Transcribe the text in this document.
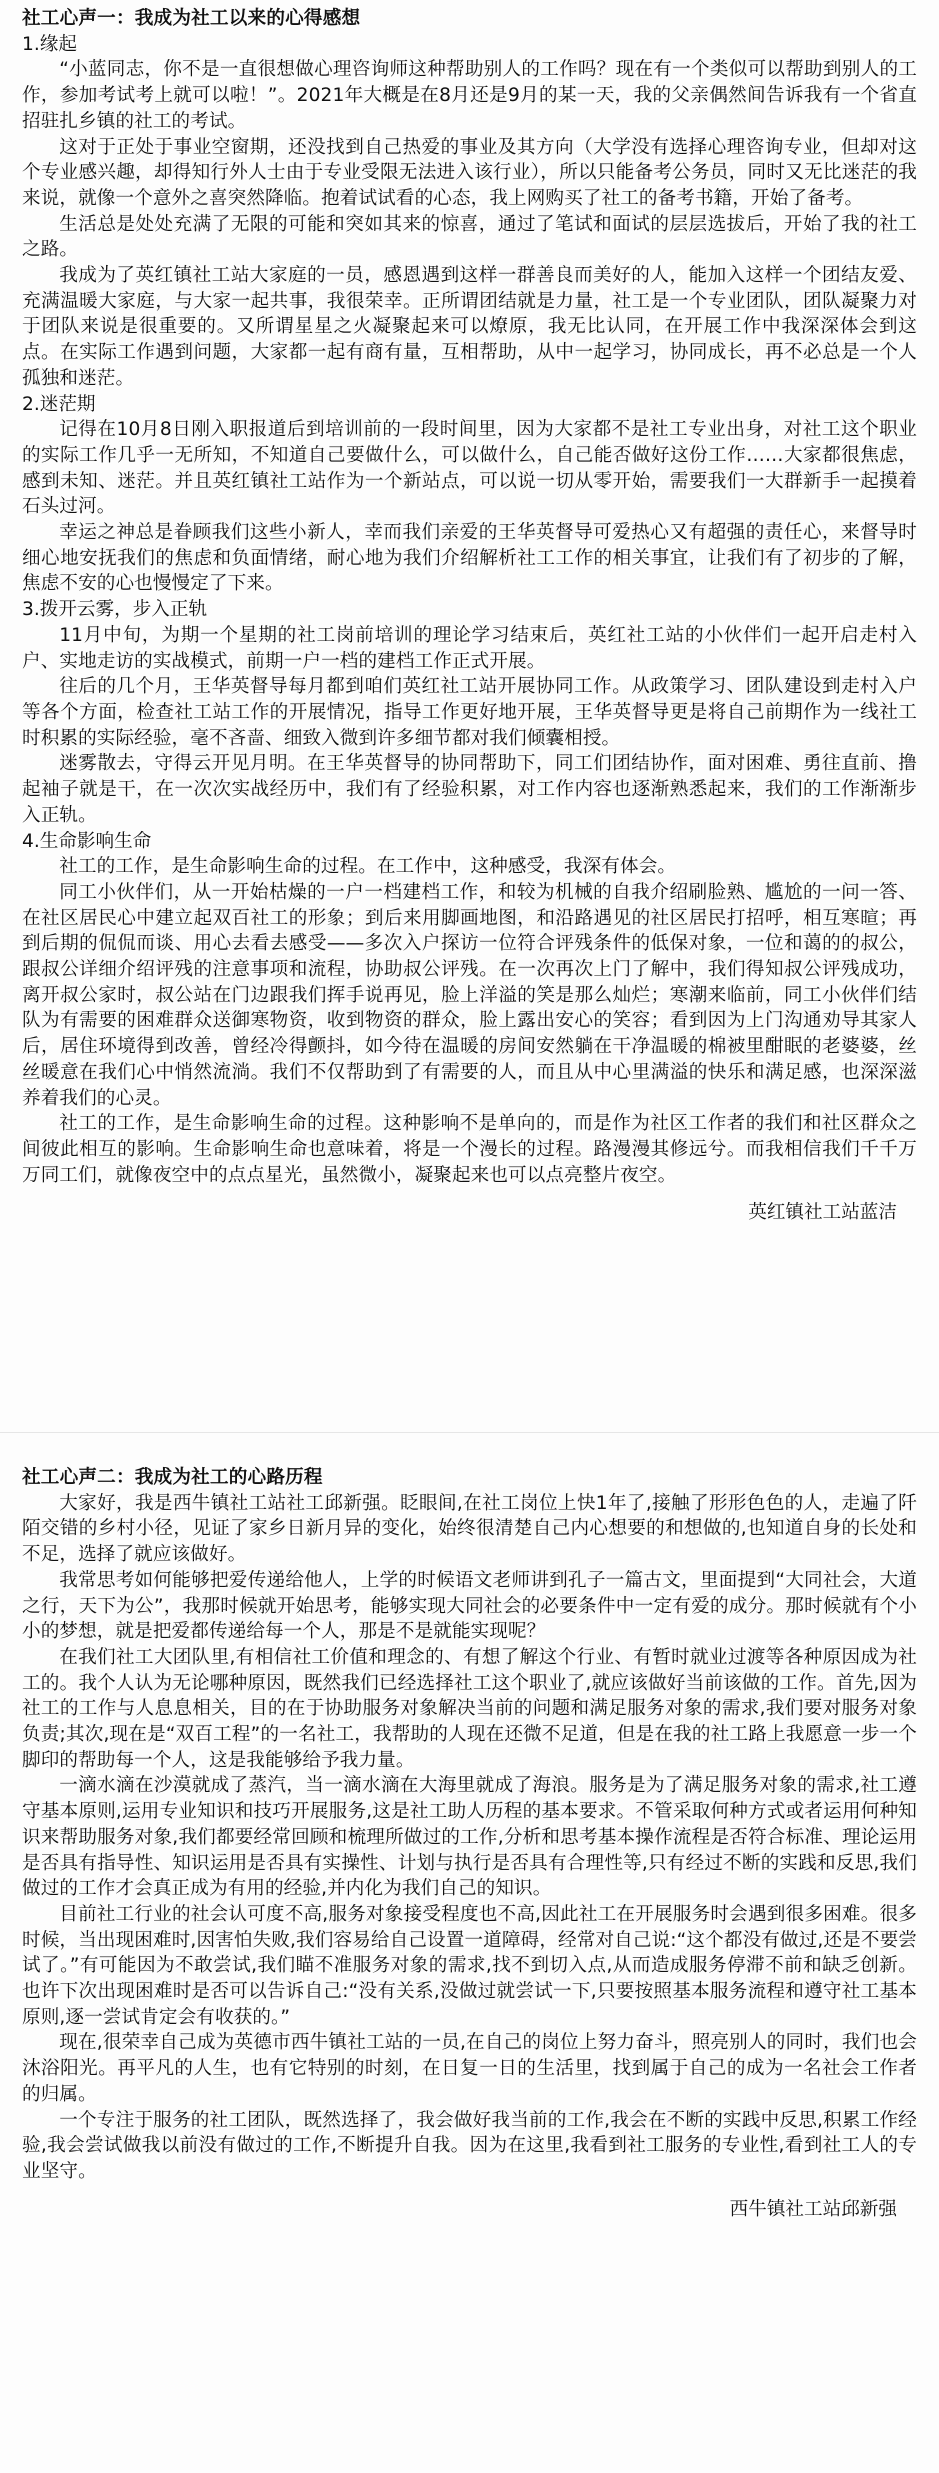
社工心声一：我成为社工以来的心得感想
1.缘起

“小蓝同志，你不是一直很想做心理咨询师这种帮助别人的工作吗？现在有一个类似可以帮助到别人的工作，参加考试考上就可以啦！”。2021年大概是在8月还是9月的某一天，我的父亲偶然间告诉我有一个省直招驻扎乡镇的社工的考试。

这对于正处于事业空窗期，还没找到自己热爱的事业及其方向（大学没有选择心理咨询专业，但却对这个专业感兴趣，却得知行外人士由于专业受限无法进入该行业），所以只能备考公务员，同时又无比迷茫的我来说，就像一个意外之喜突然降临。抱着试试看的心态，我上网购买了社工的备考书籍，开始了备考。

生活总是处处充满了无限的可能和突如其来的惊喜，通过了笔试和面试的层层选拔后，开始了我的社工之路。

我成为了英红镇社工站大家庭的一员，感恩遇到这样一群善良而美好的人，能加入这样一个团结友爱、充满温暖大家庭，与大家一起共事，我很荣幸。正所谓团结就是力量，社工是一个专业团队，团队凝聚力对于团队来说是很重要的。又所谓星星之火凝聚起来可以燎原，我无比认同，在开展工作中我深深体会到这点。在实际工作遇到问题，大家都一起有商有量，互相帮助，从中一起学习，协同成长，再不必总是一个人孤独和迷茫。

2.迷茫期

记得在10月8日刚入职报道后到培训前的一段时间里，因为大家都不是社工专业出身，对社工这个职业的实际工作几乎一无所知，不知道自己要做什么，可以做什么，自己能否做好这份工作……大家都很焦虑，感到未知、迷茫。并且英红镇社工站作为一个新站点，可以说一切从零开始，需要我们一大群新手一起摸着石头过河。

幸运之神总是眷顾我们这些小新人，幸而我们亲爱的王华英督导可爱热心又有超强的责任心，来督导时细心地安抚我们的焦虑和负面情绪，耐心地为我们介绍解析社工工作的相关事宜，让我们有了初步的了解，焦虑不安的心也慢慢定了下来。

3.拨开云雾，步入正轨

11月中旬，为期一个星期的社工岗前培训的理论学习结束后，英红社工站的小伙伴们一起开启走村入户、实地走访的实战模式，前期一户一档的建档工作正式开展。

往后的几个月，王华英督导每月都到咱们英红社工站开展协同工作。从政策学习、团队建设到走村入户等各个方面，检查社工站工作的开展情况，指导工作更好地开展，王华英督导更是将自己前期作为一线社工时积累的实际经验，毫不吝啬、细致入微到许多细节都对我们倾囊相授。

迷雾散去，守得云开见月明。在王华英督导的协同帮助下，同工们团结协作，面对困难、勇往直前、撸起袖子就是干，在一次次实战经历中，我们有了经验积累，对工作内容也逐渐熟悉起来，我们的工作渐渐步入正轨。

4.生命影响生命

社工的工作，是生命影响生命的过程。在工作中，这种感受，我深有体会。

同工小伙伴们，从一开始枯燥的一户一档建档工作，和较为机械的自我介绍刷脸熟、尴尬的一问一答、在社区居民心中建立起双百社工的形象；到后来用脚画地图，和沿路遇见的社区居民打招呼，相互寒暄；再到后期的侃侃而谈、用心去看去感受——多次入户探访一位符合评残条件的低保对象，一位和蔼的的叔公，跟叔公详细介绍评残的注意事项和流程，协助叔公评残。在一次再次上门了解中，我们得知叔公评残成功，离开叔公家时，叔公站在门边跟我们挥手说再见，脸上洋溢的笑是那么灿烂；寒潮来临前，同工小伙伴们结队为有需要的困难群众送御寒物资，收到物资的群众，脸上露出安心的笑容；看到因为上门沟通劝导其家人后，居住环境得到改善，曾经冷得颤抖，如今待在温暖的房间安然躺在干净温暖的棉被里酣眠的老婆婆，丝丝暖意在我们心中悄然流淌。我们不仅帮助到了有需要的人，而且从中心里满溢的快乐和满足感，也深深滋养着我们的心灵。

社工的工作，是生命影响生命的过程。这种影响不是单向的，而是作为社区工作者的我们和社区群众之间彼此相互的影响。生命影响生命也意味着，将是一个漫长的过程。路漫漫其修远兮。而我相信我们千千万万同工们，就像夜空中的点点星光，虽然微小，凝聚起来也可以点亮整片夜空。

英红镇社工站蓝洁
社工心声二：我成为社工的心路历程

大家好，我是西牛镇社工站社工邱新强。眨眼间,在社工岗位上快1年了,接触了形形色色的人，走遍了阡陌交错的乡村小径，见证了家乡日新月异的变化，始终很清楚自己内心想要的和想做的,也知道自身的长处和不足，选择了就应该做好。

我常思考如何能够把爱传递给他人，上学的时候语文老师讲到孔子一篇古文，里面提到“大同社会，大道之行，天下为公”，我那时候就开始思考，能够实现大同社会的必要条件中一定有爱的成分。那时候就有个小小的梦想，就是把爱都传递给每一个人，那是不是就能实现呢？

在我们社工大团队里,有相信社工价值和理念的、有想了解这个行业、有暂时就业过渡等各种原因成为社工的。我个人认为无论哪种原因，既然我们已经选择社工这个职业了,就应该做好当前该做的工作。首先,因为社工的工作与人息息相关，目的在于协助服务对象解决当前的问题和满足服务对象的需求,我们要对服务对象负责;其次,现在是“双百工程”的一名社工，我帮助的人现在还微不足道，但是在我的社工路上我愿意一步一个脚印的帮助每一个人，这是我能够给予我力量。

一滴水滴在沙漠就成了蒸汽，当一滴水滴在大海里就成了海浪。服务是为了满足服务对象的需求,社工遵守基本原则,运用专业知识和技巧开展服务,这是社工助人历程的基本要求。不管采取何种方式或者运用何种知识来帮助服务对象,我们都要经常回顾和梳理所做过的工作,分析和思考基本操作流程是否符合标准、理论运用是否具有指导性、知识运用是否具有实操性、计划与执行是否具有合理性等,只有经过不断的实践和反思,我们做过的工作才会真正成为有用的经验,并内化为我们自己的知识。

目前社工行业的社会认可度不高,服务对象接受程度也不高,因此社工在开展服务时会遇到很多困难。很多时候，当出现困难时,因害怕失败,我们容易给自己设置一道障碍，经常对自己说:“这个都没有做过,还是不要尝试了。”有可能因为不敢尝试,我们瞄不准服务对象的需求,找不到切入点,从而造成服务停滞不前和缺乏创新。也许下次出现困难时是否可以告诉自己:“没有关系,没做过就尝试一下,只要按照基本服务流程和遵守社工基本原则,逐一尝试肯定会有收获的。”

现在,很荣幸自己成为英德市西牛镇社工站的一员,在自己的岗位上努力奋斗，照亮别人的同时，我们也会沐浴阳光。再平凡的人生，也有它特别的时刻，在日复一日的生活里，找到属于自己的成为一名社会工作者的归属。

一个专注于服务的社工团队，既然选择了，我会做好我当前的工作,我会在不断的实践中反思,积累工作经验,我会尝试做我以前没有做过的工作,不断提升自我。因为在这里,我看到社工服务的专业性,看到社工人的专业坚守。

西牛镇社工站邱新强
